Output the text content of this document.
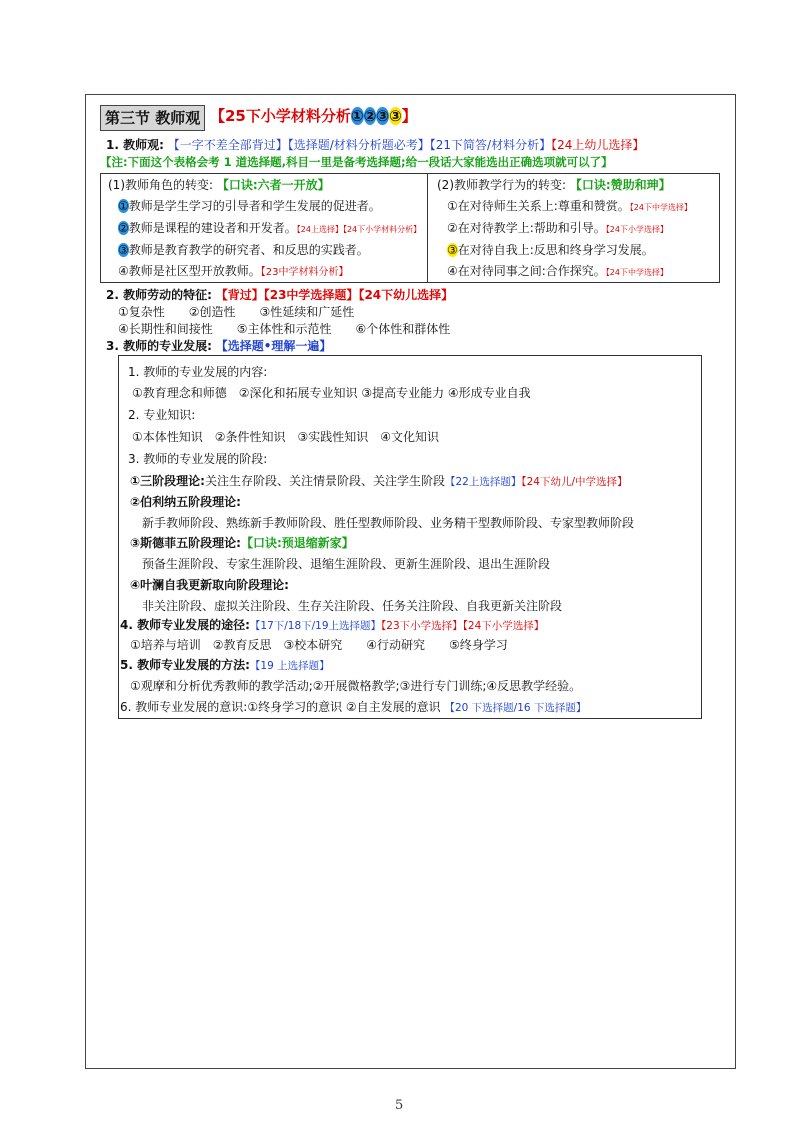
第三节 教师观 【25下小学材料分析①②③③】
1. 教师观: 【一字不差全部背过】【选择题/材料分析题必考】【21下简答/材料分析】【24上幼儿选择】
【注:下面这个表格会考 1 道选择题,科目一里是备考选择题;给一段话大家能选出正确选项就可以了】
(1)教师角色的转变: 【口诀:六者一开放】
①教师是学生学习的引导者和学生发展的促进者。
②教师是课程的建设者和开发者。【24上选择】【24下小学材料分析】
③教师是教育教学的研究者、和反思的实践者。
④教师是社区型开放教师。【23中学材料分析】
(2)教师教学行为的转变: 【口诀:赞助和珅】
①在对待师生关系上:尊重和赞赏。【24下中学选择】
②在对待教学上:帮助和引导。【24下小学选择】
③在对待自我上:反思和终身学习发展。
④在对待同事之间:合作探究。【24下中学选择】
2. 教师劳动的特征: 【背过】【23中学选择题】【24下幼儿选择】
①复杂性　　②创造性　　③性延续和广延性
④长期性和间接性　　⑤主体性和示范性　　⑥个体性和群体性
3. 教师的专业发展: 【选择题•理解一遍】
1. 教师的专业发展的内容:
①教育理念和师德　②深化和拓展专业知识 ③提高专业能力 ④形成专业自我
2. 专业知识:
①本体性知识　②条件性知识　③实践性知识　④文化知识
3. 教师的专业发展的阶段:
①三阶段理论:关注生存阶段、关注情景阶段、关注学生阶段【22上选择题】【24下幼儿/中学选择】
②伯利纳五阶段理论:
新手教师阶段、熟练新手教师阶段、胜任型教师阶段、业务精干型教师阶段、专家型教师阶段
③斯德菲五阶段理论:【口诀:预退缩新家】
预备生涯阶段、专家生涯阶段、退缩生涯阶段、更新生涯阶段、退出生涯阶段
④叶澜自我更新取向阶段理论:
非关注阶段、虚拟关注阶段、生存关注阶段、任务关注阶段、自我更新关注阶段
4. 教师专业发展的途径:【17下/18下/19上选择题】【23下小学选择】【24下小学选择】
①培养与培训　②教育反思　③校本研究　　④行动研究　　⑤终身学习
5. 教师专业发展的方法:【19 上选择题】
①观摩和分析优秀教师的教学活动;②开展微格教学;③进行专门训练;④反思教学经验。
6. 教师专业发展的意识:①终身学习的意识 ②自主发展的意识 【20 下选择题/16 下选择题】
5
